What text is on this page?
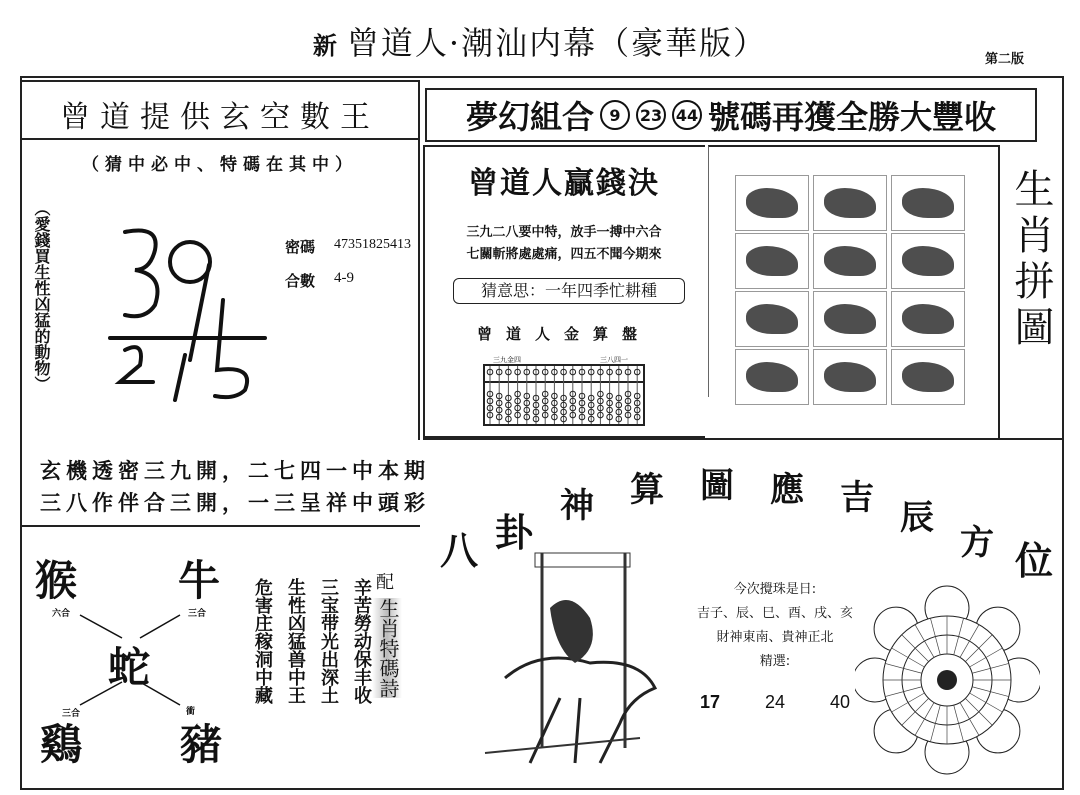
新 曾道人·潮汕内幕（豪華版）	第二版
曾道提供玄空數王
（猜中必中、特碼在其中）
（愛錢買生性凶猛的動物）	密碼 47351825413
合數 4-9
玄機透密三九開，二七四一中本期
三八作伴合三開，一三呈祥中頭彩
夢幻組合 9	23 44 號碼再獲全勝大豐收
曾道人贏錢決
三九二八要中特，放手一搏中六合
七關斬將處處痛，四五不聞今期來
猜意思：一年四季忙耕種
曾道人金算盤
三九金四	三八四一
生肖拼圖
猴 牛
蛇
鷄 豬
六合	三合
三合	衝
辛苦勞动保丰收
三宝带光出深土
生性凶猛兽中王
危害庄稼洞中藏	配
生肖特碼詩
八 卦
神 算 圖 應 吉 辰
方 位
今次攪珠是日:
吉子、辰、巳、酉、戌、亥
財神東南、貴神正北
精選:
17 24 40
